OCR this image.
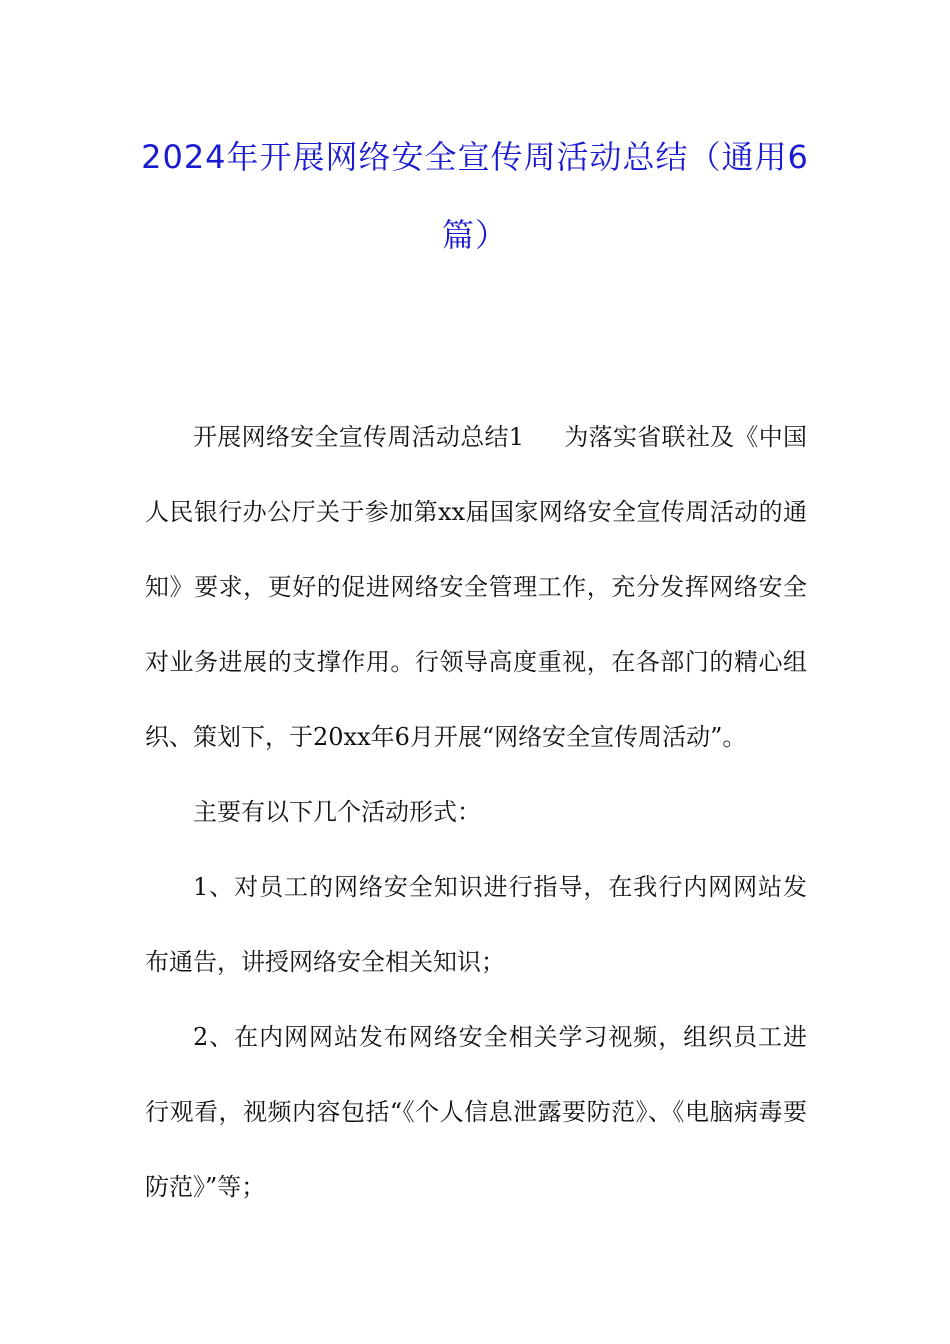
2024年开展网络安全宣传周活动总结（通用6篇）

开展网络安全宣传周活动总结1 为落实省联社及《中国人民银行办公厅关于参加第xx届国家网络安全宣传周活动的通知》要求，更好的促进网络安全管理工作，充分发挥网络安全对业务进展的支撑作用。行领导高度重视，在各部门的精心组织、策划下，于20xx年6月开展“网络安全宣传周活动”。

主要有以下几个活动形式：

1、对员工的网络安全知识进行指导，在我行内网网站发布通告，讲授网络安全相关知识；

2、在内网网站发布网络安全相关学习视频，组织员工进行观看，视频内容包括“《个人信息泄露要防范》、《电脑病毒要防范》”等；
